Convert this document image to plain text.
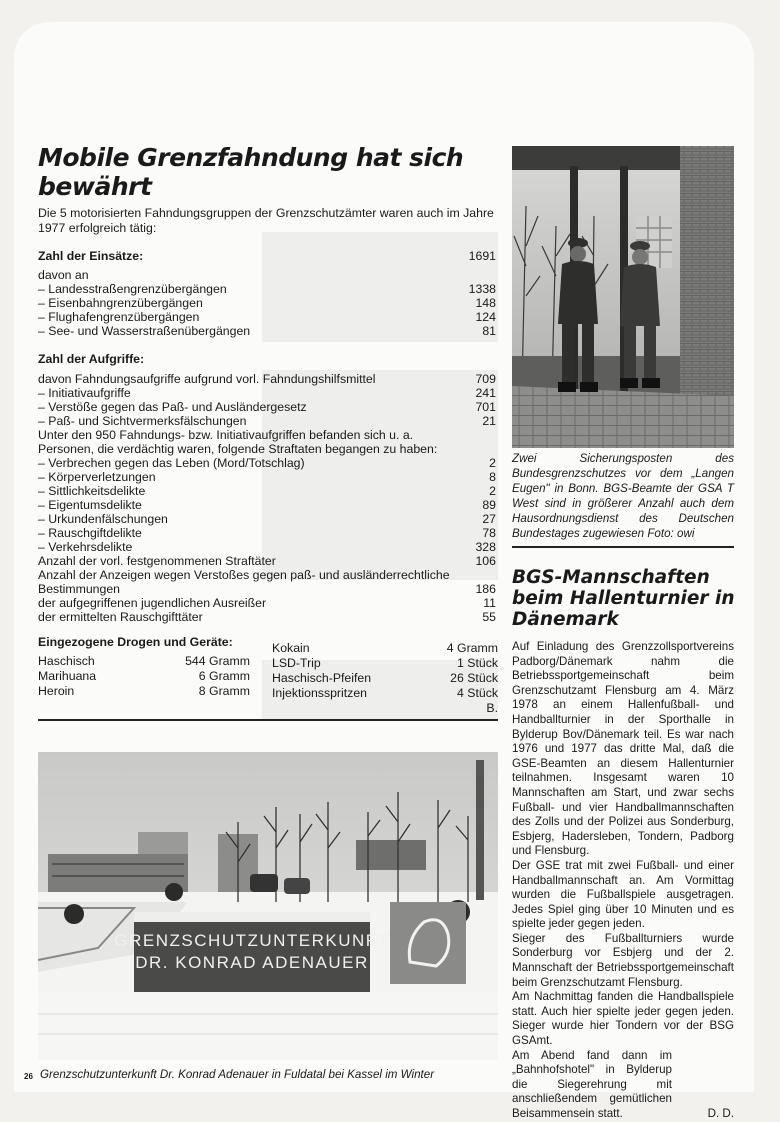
Mobile Grenzfahndung hat sich bewährt

Die 5 motorisierten Fahndungsgruppen der Grenzschutzämter waren auch im Jahre 1977 erfolgreich tätig:

Zahl der Einsätze:	1691
davon an
– Landesstraßengrenzübergängen	1338
– Eisenbahngrenzübergängen	148
– Flughafengrenzübergängen	124
– See- und Wasserstraßenübergängen	81
Zahl der Aufgriffe:
davon Fahndungsaufgriffe aufgrund vorl. Fahndungshilfsmittel	709
– Initiativaufgriffe	241
– Verstöße gegen das Paß- und Ausländergesetz	701
– Paß- und Sichtvermerksfälschungen	21
Unter den 950 Fahndungs- bzw. Initiativaufgriffen befanden sich u. a.
Personen, die verdächtig waren, folgende Straftaten begangen zu haben:
– Verbrechen gegen das Leben (Mord/Totschlag)	2
– Körperverletzungen	8
– Sittlichkeitsdelikte	2
– Eigentumsdelikte	89
– Urkundenfälschungen	27
– Rauschgiftdelikte	78
– Verkehrsdelikte	328
Anzahl der vorl. festgenommenen Straftäter	106
Anzahl der Anzeigen wegen Verstoßes gegen paß- und ausländerrechtliche
Bestimmungen	186
der aufgegriffenen jugendlichen Ausreißer	11
der ermittelten Rauschgifttäter	55
Eingezogene Drogen und Geräte:
Haschisch	544 Gramm
Marihuana	6 Gramm
Heroin	8 Gramm
Kokain	4 Gramm
LSD-Trip	1 Stück
Haschisch-Pfeifen	26 Stück
Injektionsspritzen	4 Stück
B.
Zwei Sicherungsposten des Bundesgrenzschutzes vor dem „Langen Eugen" in Bonn. BGS-Beamte der GSA T West sind in größerer Anzahl auch dem Hausordnungsdienst des Deutschen Bundestages zugewiesen Foto: owi
BGS-Mannschaften beim Hallenturnier in Dänemark

Auf Einladung des Grenzzollsportvereins Padborg/Dänemark nahm die Betriebssportgemeinschaft beim Grenzschutzamt Flensburg am 4. März 1978 an einem Hallenfußball- und Handballturnier in der Sporthalle in Bylderup Bov/Dänemark teil. Es war nach 1976 und 1977 das dritte Mal, daß die GSE-Beamten an diesem Hallenturnier teilnahmen. Insgesamt waren 10 Mannschaften am Start, und zwar sechs Fußball- und vier Handballmannschaften des Zolls und der Polizei aus Sonderburg, Esbjerg, Hadersleben, Tondern, Padborg und Flensburg.

Der GSE trat mit zwei Fußball- und einer Handballmannschaft an. Am Vormittag wurden die Fußballspiele ausgetragen. Jedes Spiel ging über 10 Minuten und es spielte jeder gegen jeden.

Sieger des Fußballturniers wurde Sonderburg vor Esbjerg und der 2. Mannschaft der Betriebssportgemeinschaft beim Grenzschutzamt Flensburg.

Am Nachmittag fanden die Handballspiele statt. Auch hier spielte jeder gegen jeden. Sieger wurde hier Tondern vor der BSG GSAmt.

Am Abend fand dann im „Bahnhofshotel" in Bylderup die Siegerehrung mit anschließendem gemütlichen Beisammensein statt.	D. D.

GRENZSCHUTZUNTERKUNFT
DR. KONRAD ADENAUER
26 Grenzschutzunterkunft Dr. Konrad Adenauer in Fuldatal bei Kassel im Winter
